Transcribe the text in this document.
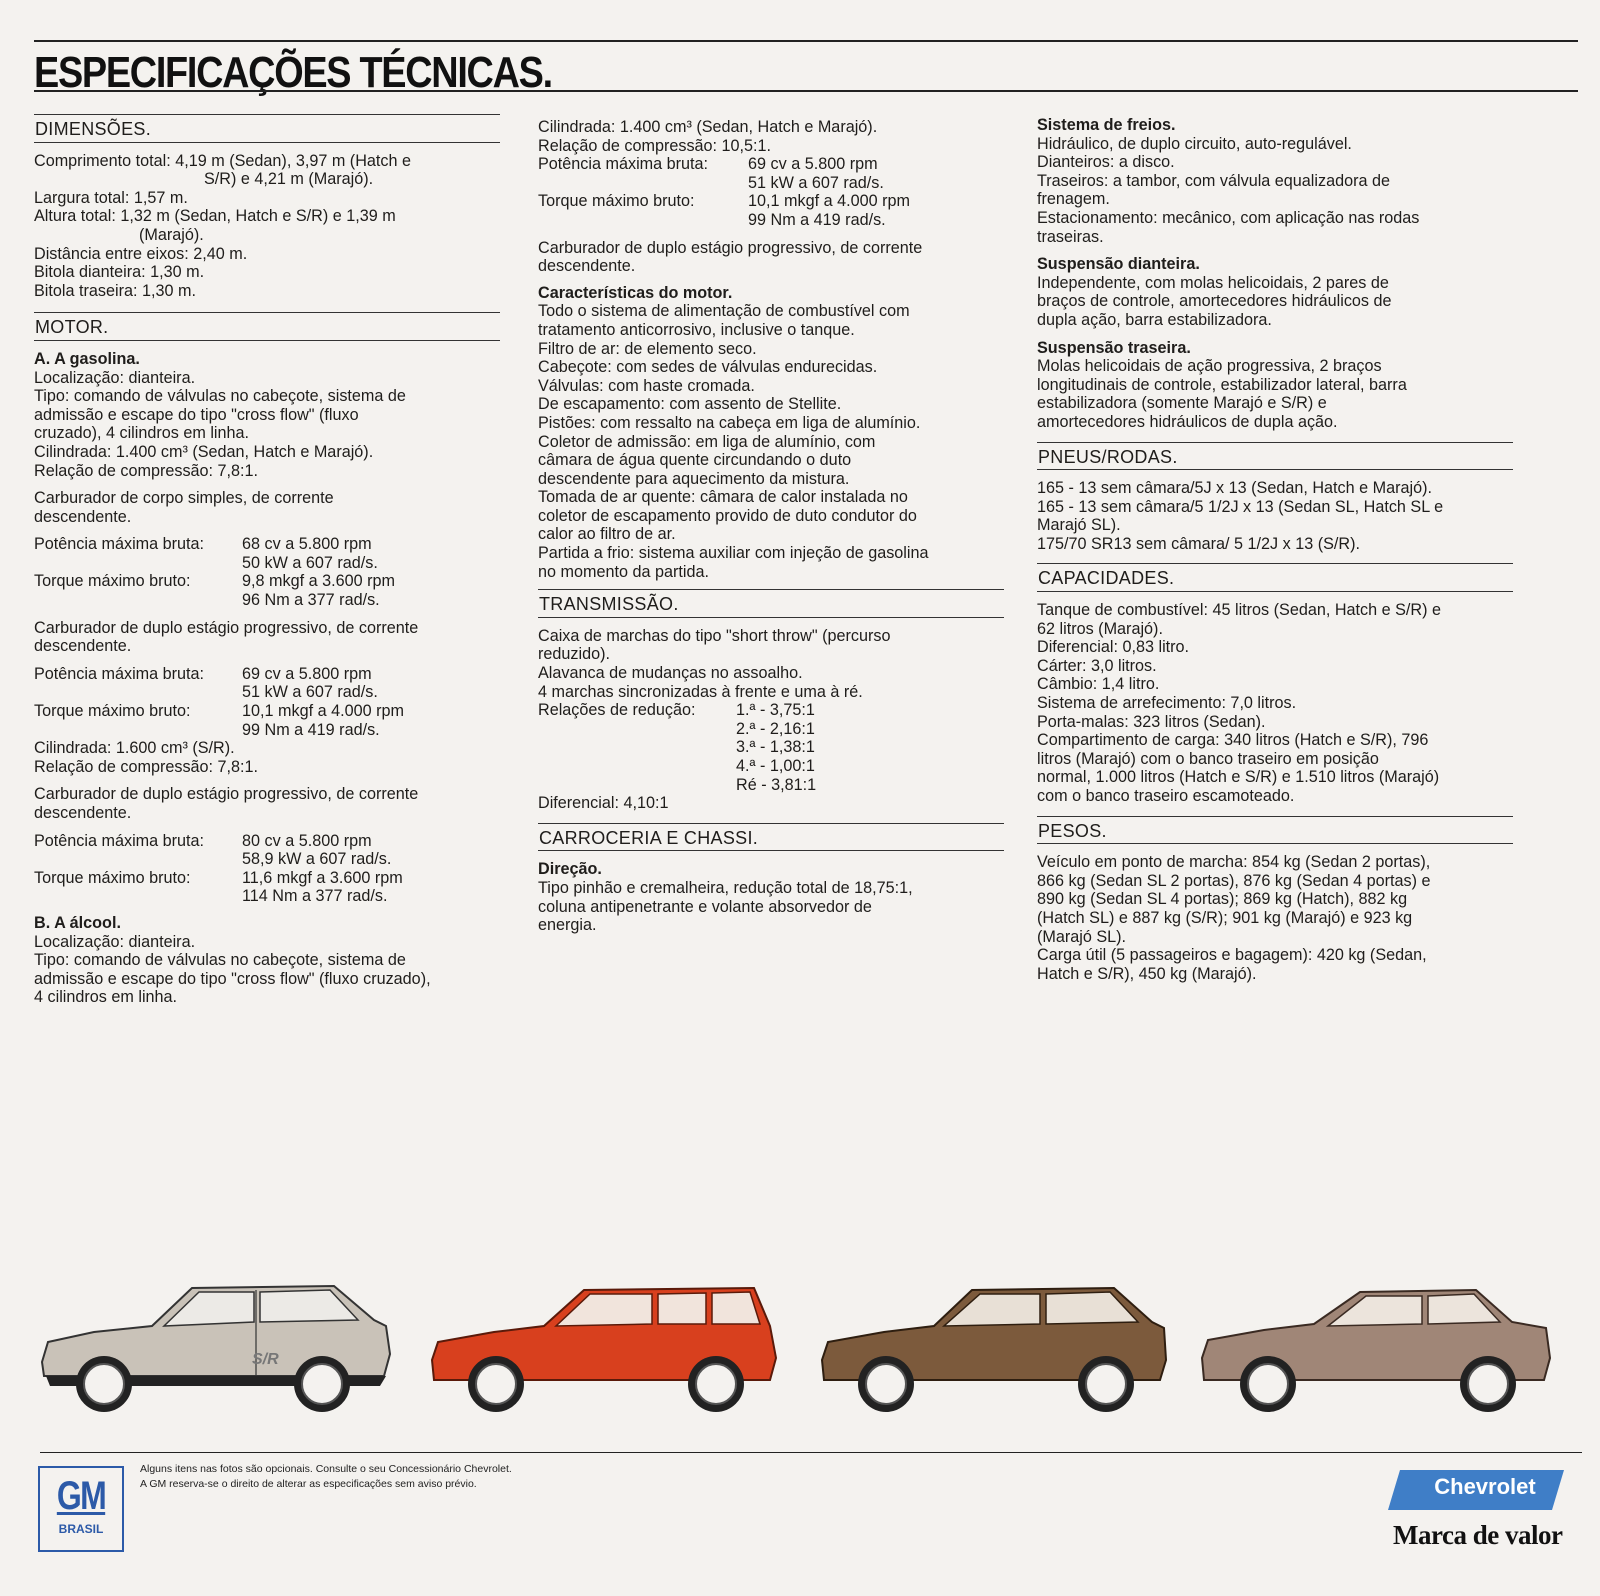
ESPECIFICAÇÕES TÉCNICAS.
DIMENSÕES.
Comprimento total: 4,19 m (Sedan), 3,97 m (Hatch e
S/R) e 4,21 m (Marajó).
Largura total: 1,57 m.
Altura total: 1,32 m (Sedan, Hatch e S/R) e 1,39 m
(Marajó).
Distância entre eixos: 2,40 m.
Bitola dianteira: 1,30 m.
Bitola traseira: 1,30 m.
MOTOR.
A. A gasolina.
Localização: dianteira.
Tipo: comando de válvulas no cabeçote, sistema de
admissão e escape do tipo "cross flow" (fluxo
cruzado), 4 cilindros em linha.
Cilindrada: 1.400 cm³ (Sedan, Hatch e Marajó).
Relação de compressão: 7,8:1.
Carburador de corpo simples, de corrente
descendente.
Potência máxima bruta:	68 cv a 5.800 rpm
50 kW a 607 rad/s.
Torque máximo bruto:	9,8 mkgf a 3.600 rpm
96 Nm a 377 rad/s.
Carburador de duplo estágio progressivo, de corrente
descendente.
Potência máxima bruta:	69 cv a 5.800 rpm
51 kW a 607 rad/s.
Torque máximo bruto:	10,1 mkgf a 4.000 rpm
99 Nm a 419 rad/s.
Cilindrada: 1.600 cm³ (S/R).
Relação de compressão: 7,8:1.
Carburador de duplo estágio progressivo, de corrente
descendente.
Potência máxima bruta:	80 cv a 5.800 rpm
58,9 kW a 607 rad/s.
Torque máximo bruto:	11,6 mkgf a 3.600 rpm
114 Nm a 377 rad/s.
B. A álcool.
Localização: dianteira.
Tipo: comando de válvulas no cabeçote, sistema de
admissão e escape do tipo "cross flow" (fluxo cruzado),
4 cilindros em linha.
Cilindrada: 1.400 cm³ (Sedan, Hatch e Marajó).
Relação de compressão: 10,5:1.
Potência máxima bruta:	69 cv a 5.800 rpm
51 kW a 607 rad/s.
Torque máximo bruto:	10,1 mkgf a 4.000 rpm
99 Nm a 419 rad/s.
Carburador de duplo estágio progressivo, de corrente
descendente.
Características do motor.
Todo o sistema de alimentação de combustível com
tratamento anticorrosivo, inclusive o tanque.
Filtro de ar: de elemento seco.
Cabeçote: com sedes de válvulas endurecidas.
Válvulas: com haste cromada.
De escapamento: com assento de Stellite.
Pistões: com ressalto na cabeça em liga de alumínio.
Coletor de admissão: em liga de alumínio, com
câmara de água quente circundando o duto
descendente para aquecimento da mistura.
Tomada de ar quente: câmara de calor instalada no
coletor de escapamento provido de duto condutor do
calor ao filtro de ar.
Partida a frio: sistema auxiliar com injeção de gasolina
no momento da partida.
TRANSMISSÃO.
Caixa de marchas do tipo "short throw" (percurso
reduzido).
Alavanca de mudanças no assoalho.
4 marchas sincronizadas à frente e uma à ré.
Relações de redução:	1.ª - 3,75:1
2.ª - 2,16:1
3.ª - 1,38:1
4.ª - 1,00:1
Ré - 3,81:1
Diferencial: 4,10:1
CARROCERIA E CHASSI.
Direção.
Tipo pinhão e cremalheira, redução total de 18,75:1,
coluna antipenetrante e volante absorvedor de
energia.
Sistema de freios.
Hidráulico, de duplo circuito, auto-regulável.
Dianteiros: a disco.
Traseiros: a tambor, com válvula equalizadora de
frenagem.
Estacionamento: mecânico, com aplicação nas rodas
traseiras.
Suspensão dianteira.
Independente, com molas helicoidais, 2 pares de
braços de controle, amortecedores hidráulicos de
dupla ação, barra estabilizadora.
Suspensão traseira.
Molas helicoidais de ação progressiva, 2 braços
longitudinais de controle, estabilizador lateral, barra
estabilizadora (somente Marajó e S/R) e
amortecedores hidráulicos de dupla ação.
PNEUS/RODAS.
165 - 13 sem câmara/5J x 13 (Sedan, Hatch e Marajó).
165 - 13 sem câmara/5 1/2J x 13 (Sedan SL, Hatch SL e
Marajó SL).
175/70 SR13 sem câmara/ 5 1/2J x 13 (S/R).
CAPACIDADES.
Tanque de combustível: 45 litros (Sedan, Hatch e S/R) e
62 litros (Marajó).
Diferencial: 0,83 litro.
Cárter: 3,0 litros.
Câmbio: 1,4 litro.
Sistema de arrefecimento: 7,0 litros.
Porta-malas: 323 litros (Sedan).
Compartimento de carga: 340 litros (Hatch e S/R), 796
litros (Marajó) com o banco traseiro em posição
normal, 1.000 litros (Hatch e S/R) e 1.510 litros (Marajó)
com o banco traseiro escamoteado.
PESOS.
Veículo em ponto de marcha: 854 kg (Sedan 2 portas),
866 kg (Sedan SL 2 portas), 876 kg (Sedan 4 portas) e
890 kg (Sedan SL 4 portas); 869 kg (Hatch), 882 kg
(Hatch SL) e 887 kg (S/R); 901 kg (Marajó) e 923 kg
(Marajó SL).
Carga útil (5 passageiros e bagagem): 420 kg (Sedan,
Hatch e S/R), 450 kg (Marajó).
S/R
GM
BRASIL
Alguns itens nas fotos são opcionais. Consulte o seu Concessionário Chevrolet.
A GM reserva-se o direito de alterar as especificações sem aviso prévio.	Chevrolet
Marca de valor
